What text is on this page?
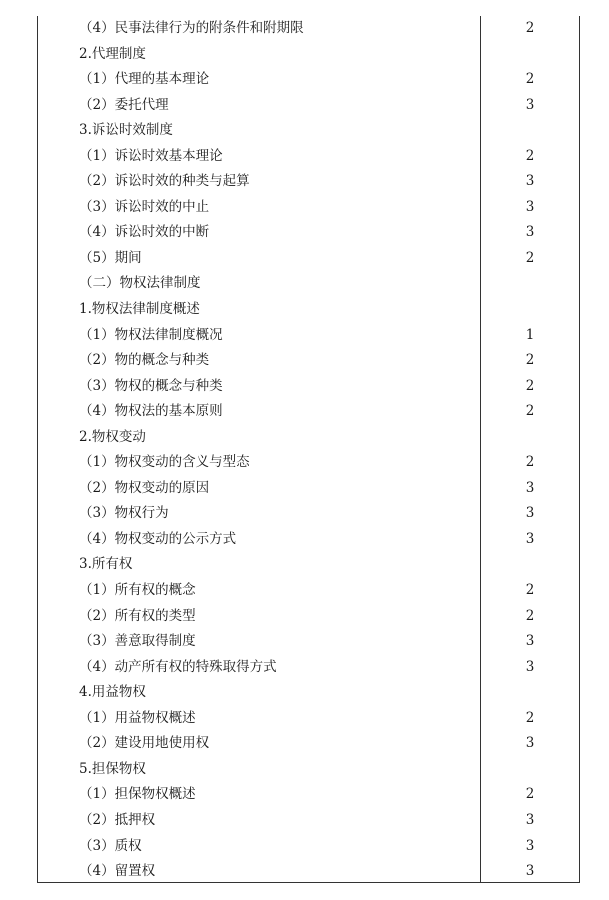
（4）民事法律行为的附条件和附期限	2
2.代理制度
（1）代理的基本理论	2
（2）委托代理	3
3.诉讼时效制度
（1）诉讼时效基本理论	2
（2）诉讼时效的种类与起算	3
（3）诉讼时效的中止	3
（4）诉讼时效的中断	3
（5）期间	2
（二）物权法律制度
1.物权法律制度概述
（1）物权法律制度概况	1
（2）物的概念与种类	2
（3）物权的概念与种类	2
（4）物权法的基本原则	2
2.物权变动
（1）物权变动的含义与型态	2
（2）物权变动的原因	3
（3）物权行为	3
（4）物权变动的公示方式	3
3.所有权
（1）所有权的概念	2
（2）所有权的类型	2
（3）善意取得制度	3
（4）动产所有权的特殊取得方式	3
4.用益物权
（1）用益物权概述	2
（2）建设用地使用权	3
5.担保物权
（1）担保物权概述	2
（2）抵押权	3
（3）质权	3
（4）留置权	3
